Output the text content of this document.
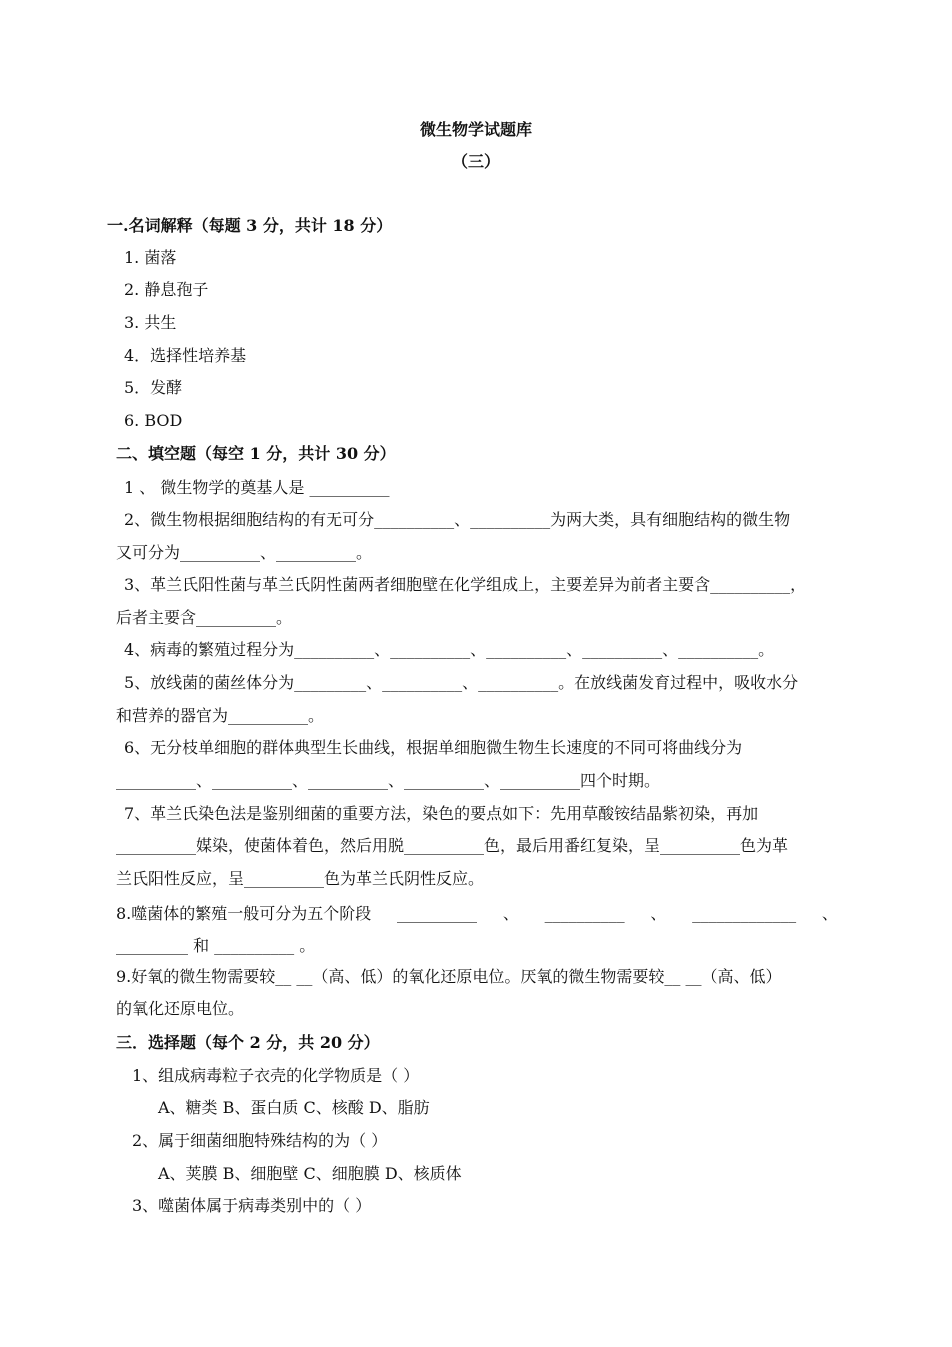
微生物学试题库
（三）
一.名词解释（每题 3 分，共计 18 分）
1. 菌落
2. 静息孢子
3. 共生
4．选择性培养基
5．发酵
6. BOD
二、填空题（每空 1 分，共计 30 分）
1 、 微生物学的奠基人是 __________
2、微生物根据细胞结构的有无可分__________、__________为两大类，具有细胞结构的微生物
又可分为__________、__________。
3、革兰氏阳性菌与革兰氏阴性菌两者细胞壁在化学组成上，主要差异为前者主要含__________，
后者主要含__________。
4、病毒的繁殖过程分为__________、__________、__________、__________、__________。
5、放线菌的菌丝体分为_________、__________、__________。在放线菌发育过程中，吸收水分
和营养的器官为__________。
6、无分枝单细胞的群体典型生长曲线，根据单细胞微生物生长速度的不同可将曲线分为
__________、__________、__________、__________、__________四个时期。
7、革兰氏染色法是鉴别细菌的重要方法，染色的要点如下：先用草酸铵结晶紫初染，再加
__________媒染，使菌体着色，然后用脱__________色，最后用番红复染，呈__________色为革
兰氏阳性反应，呈__________色为革兰氏阴性反应。
8.噬菌体的繁殖一般可分为五个阶段 __________ 、 __________ 、 _____________ 、
_________ 和 __________ 。
9.好氧的微生物需要较__ __（高、低）的氧化还原电位。厌氧的微生物需要较__ __（高、低）
的氧化还原电位。
三．选择题（每个 2 分，共 20 分）
1、组成病毒粒子衣壳的化学物质是（ ）
A、糖类 B、蛋白质 C、核酸 D、脂肪
2、属于细菌细胞特殊结构的为（ ）
A、荚膜 B、细胞壁 C、细胞膜 D、核质体
3、噬菌体属于病毒类别中的（ ）
